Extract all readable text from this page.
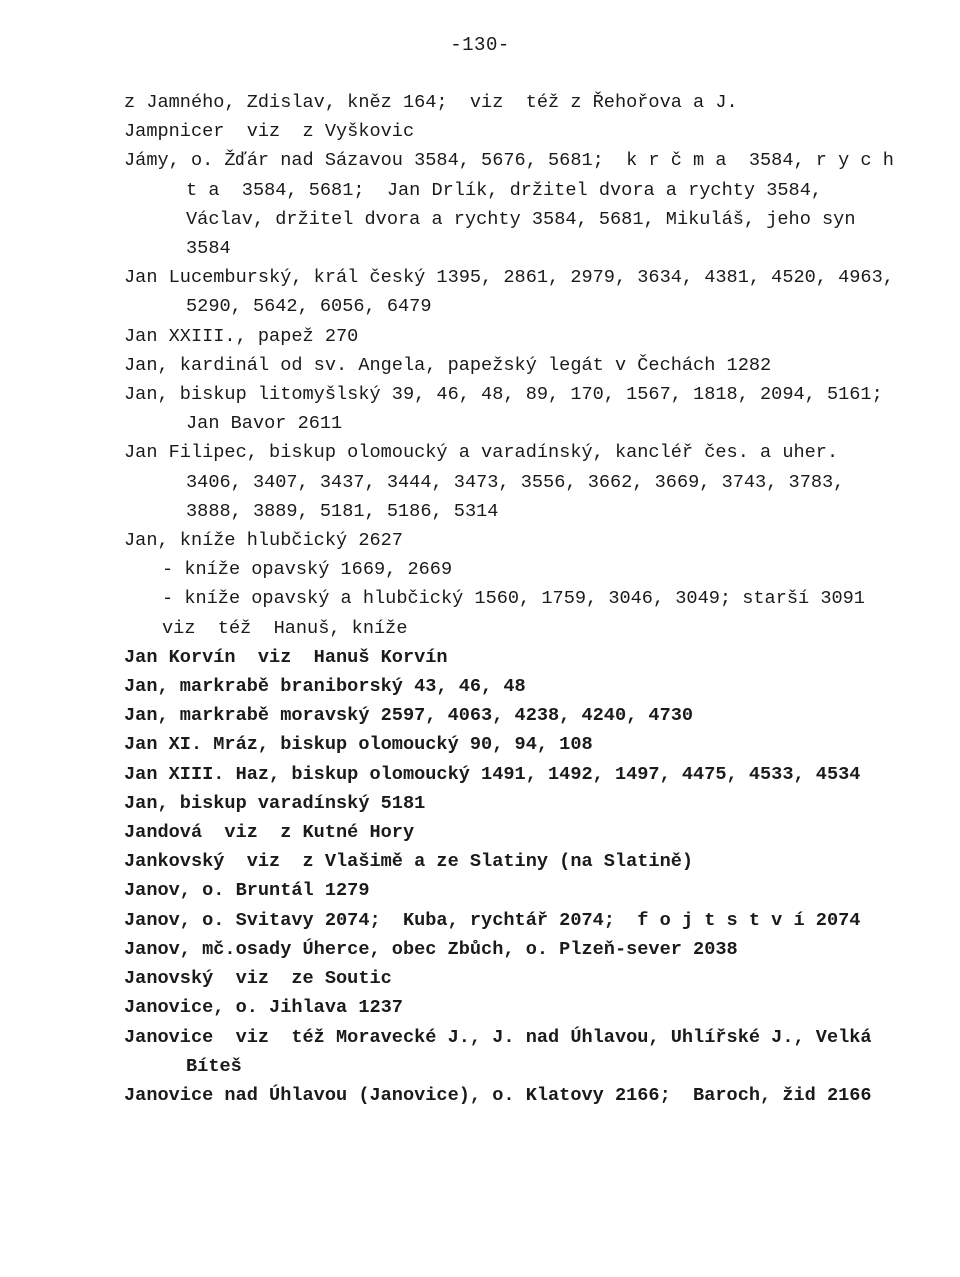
-130-
z Jamného, Zdislav, kněz 164;  viz  též z Řehořova a J.
Jampnicer  viz  z Vyškovic
Jámy, o. Žďár nad Sázavou 3584, 5676, 5681;  k r č m a  3584, r y c h t a  3584, 5681;  Jan Drlík, držitel dvora a rychty 3584, Václav, držitel dvora a rychty 3584, 5681, Mikuláš, jeho syn 3584
Jan Lucemburský, král český 1395, 2861, 2979, 3634, 4381, 4520, 4963, 5290, 5642, 6056, 6479
Jan XXIII., papež 270
Jan, kardinál od sv. Angela, papežský legát v Čechách 1282
Jan, biskup litomyšlský 39, 46, 48, 89, 170, 1567, 1818, 2094, 5161; Jan Bavor 2611
Jan Filipec, biskup olomoucký a varadínský, kancléř čes. a uher. 3406, 3407, 3437, 3444, 3473, 3556, 3662, 3669, 3743, 3783, 3888, 3889, 5181, 5186, 5314
Jan, kníže hlubčický 2627
- kníže opavský 1669, 2669
- kníže opavský a hlubčický 1560, 1759, 3046, 3049; starší 3091
viz  též  Hanuš, kníže
Jan Korvín  viz  Hanuš Korvín
Jan, markrabě braniborský 43, 46, 48
Jan, markrabě moravský 2597, 4063, 4238, 4240, 4730
Jan XI. Mráz, biskup olomoucký 90, 94, 108
Jan XIII. Haz, biskup olomoucký 1491, 1492, 1497, 4475, 4533, 4534
Jan, biskup varadínský 5181
Jandová  viz  z Kutné Hory
Jankovský  viz  z Vlašimě a ze Slatiny (na Slatině)
Janov, o. Bruntál 1279
Janov, o. Svitavy 2074;  Kuba, rychtář 2074;  f o j t s t v í 2074
Janov, mč.osady Úherce, obec Zbůch, o. Plzeň-sever 2038
Janovský  viz  ze Soutic
Janovice, o. Jihlava 1237
Janovice  viz  též Moravecké J., J. nad Úhlavou, Uhlířské J., Velká Bíteš
Janovice nad Úhlavou (Janovice), o. Klatovy 2166;  Baroch, žid 2166
